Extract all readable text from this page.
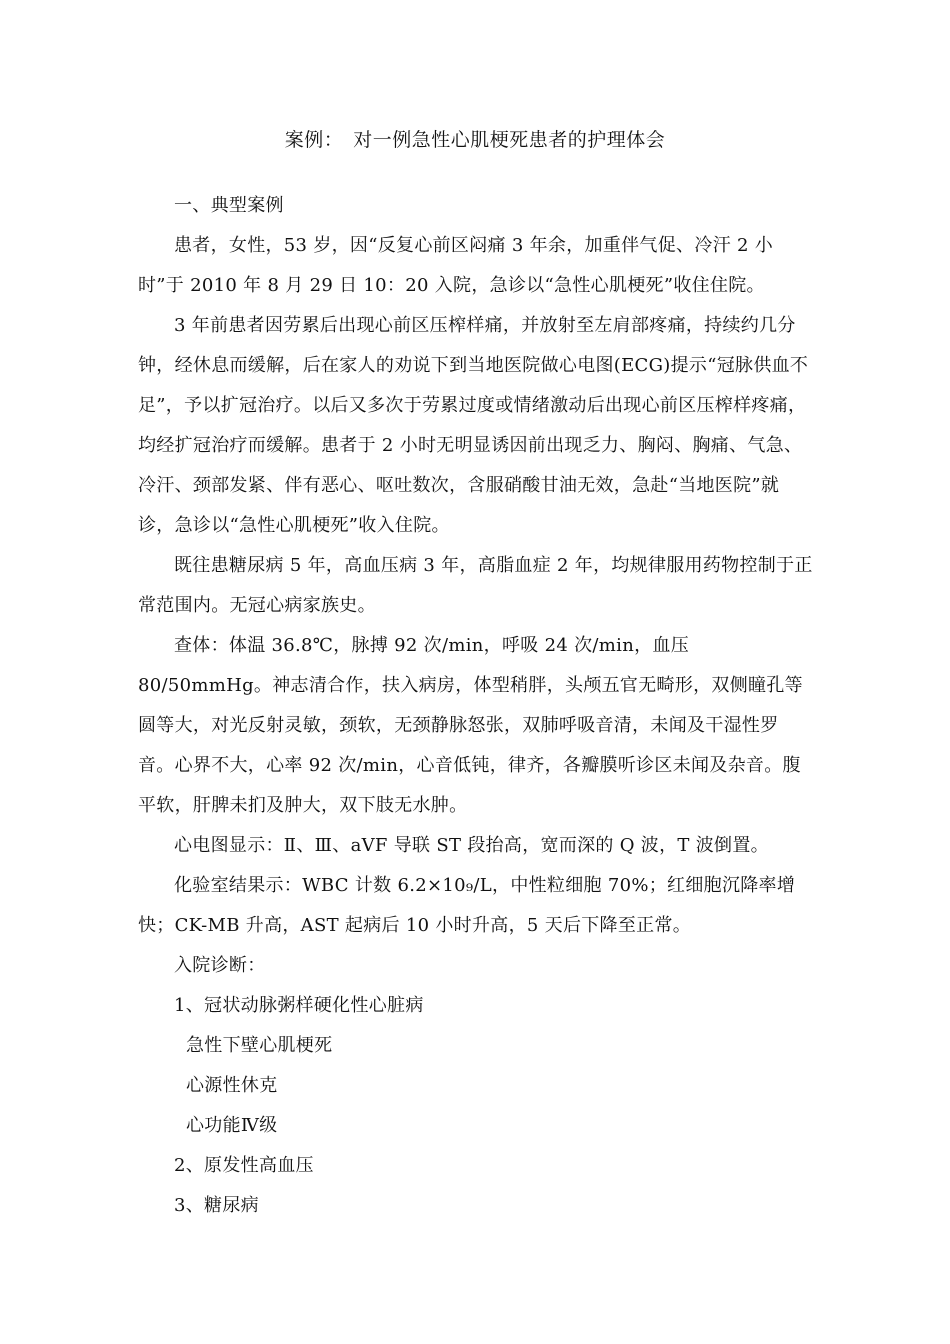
案例：　对一例急性心肌梗死患者的护理体会

一、典型案例

患者，女性，53 岁，因“反复心前区闷痛 3 年余，加重伴气促、冷汗 2 小时”于 2010 年 8 月 29 日 10：20 入院，急诊以“急性心肌梗死”收住住院。

3 年前患者因劳累后出现心前区压榨样痛，并放射至左肩部疼痛，持续约几分钟，经休息而缓解，后在家人的劝说下到当地医院做心电图(ECG)提示“冠脉供血不足”，予以扩冠治疗。以后又多次于劳累过度或情绪激动后出现心前区压榨样疼痛，均经扩冠治疗而缓解。患者于 2 小时无明显诱因前出现乏力、胸闷、胸痛、气急、冷汗、颈部发紧、伴有恶心、呕吐数次，含服硝酸甘油无效，急赴“当地医院”就诊，急诊以“急性心肌梗死”收入住院。

既往患糖尿病 5 年，高血压病 3 年，高脂血症 2 年，均规律服用药物控制于正常范围内。无冠心病家族史。

查体：体温 36.8℃，脉搏 92 次/min，呼吸 24 次/min，血压 80/50mmHg。神志清合作，扶入病房，体型稍胖，头颅五官无畸形，双侧瞳孔等圆等大，对光反射灵敏，颈软，无颈静脉怒张，双肺呼吸音清，未闻及干湿性罗音。心界不大，心率 92 次/min，心音低钝，律齐，各瓣膜听诊区未闻及杂音。腹平软，肝脾未扪及肿大，双下肢无水肿。

心电图显示：Ⅱ、Ⅲ、aVF 导联 ST 段抬高，宽而深的 Q 波，T 波倒置。

化验室结果示：WBC 计数 6.2×10₉/L，中性粒细胞 70%；红细胞沉降率增快；CK-MB 升高，AST 起病后 10 小时升高，5 天后下降至正常。

入院诊断：

1、冠状动脉粥样硬化性心脏病

急性下壁心肌梗死

心源性休克

心功能Ⅳ级

2、原发性高血压

3、糖尿病
